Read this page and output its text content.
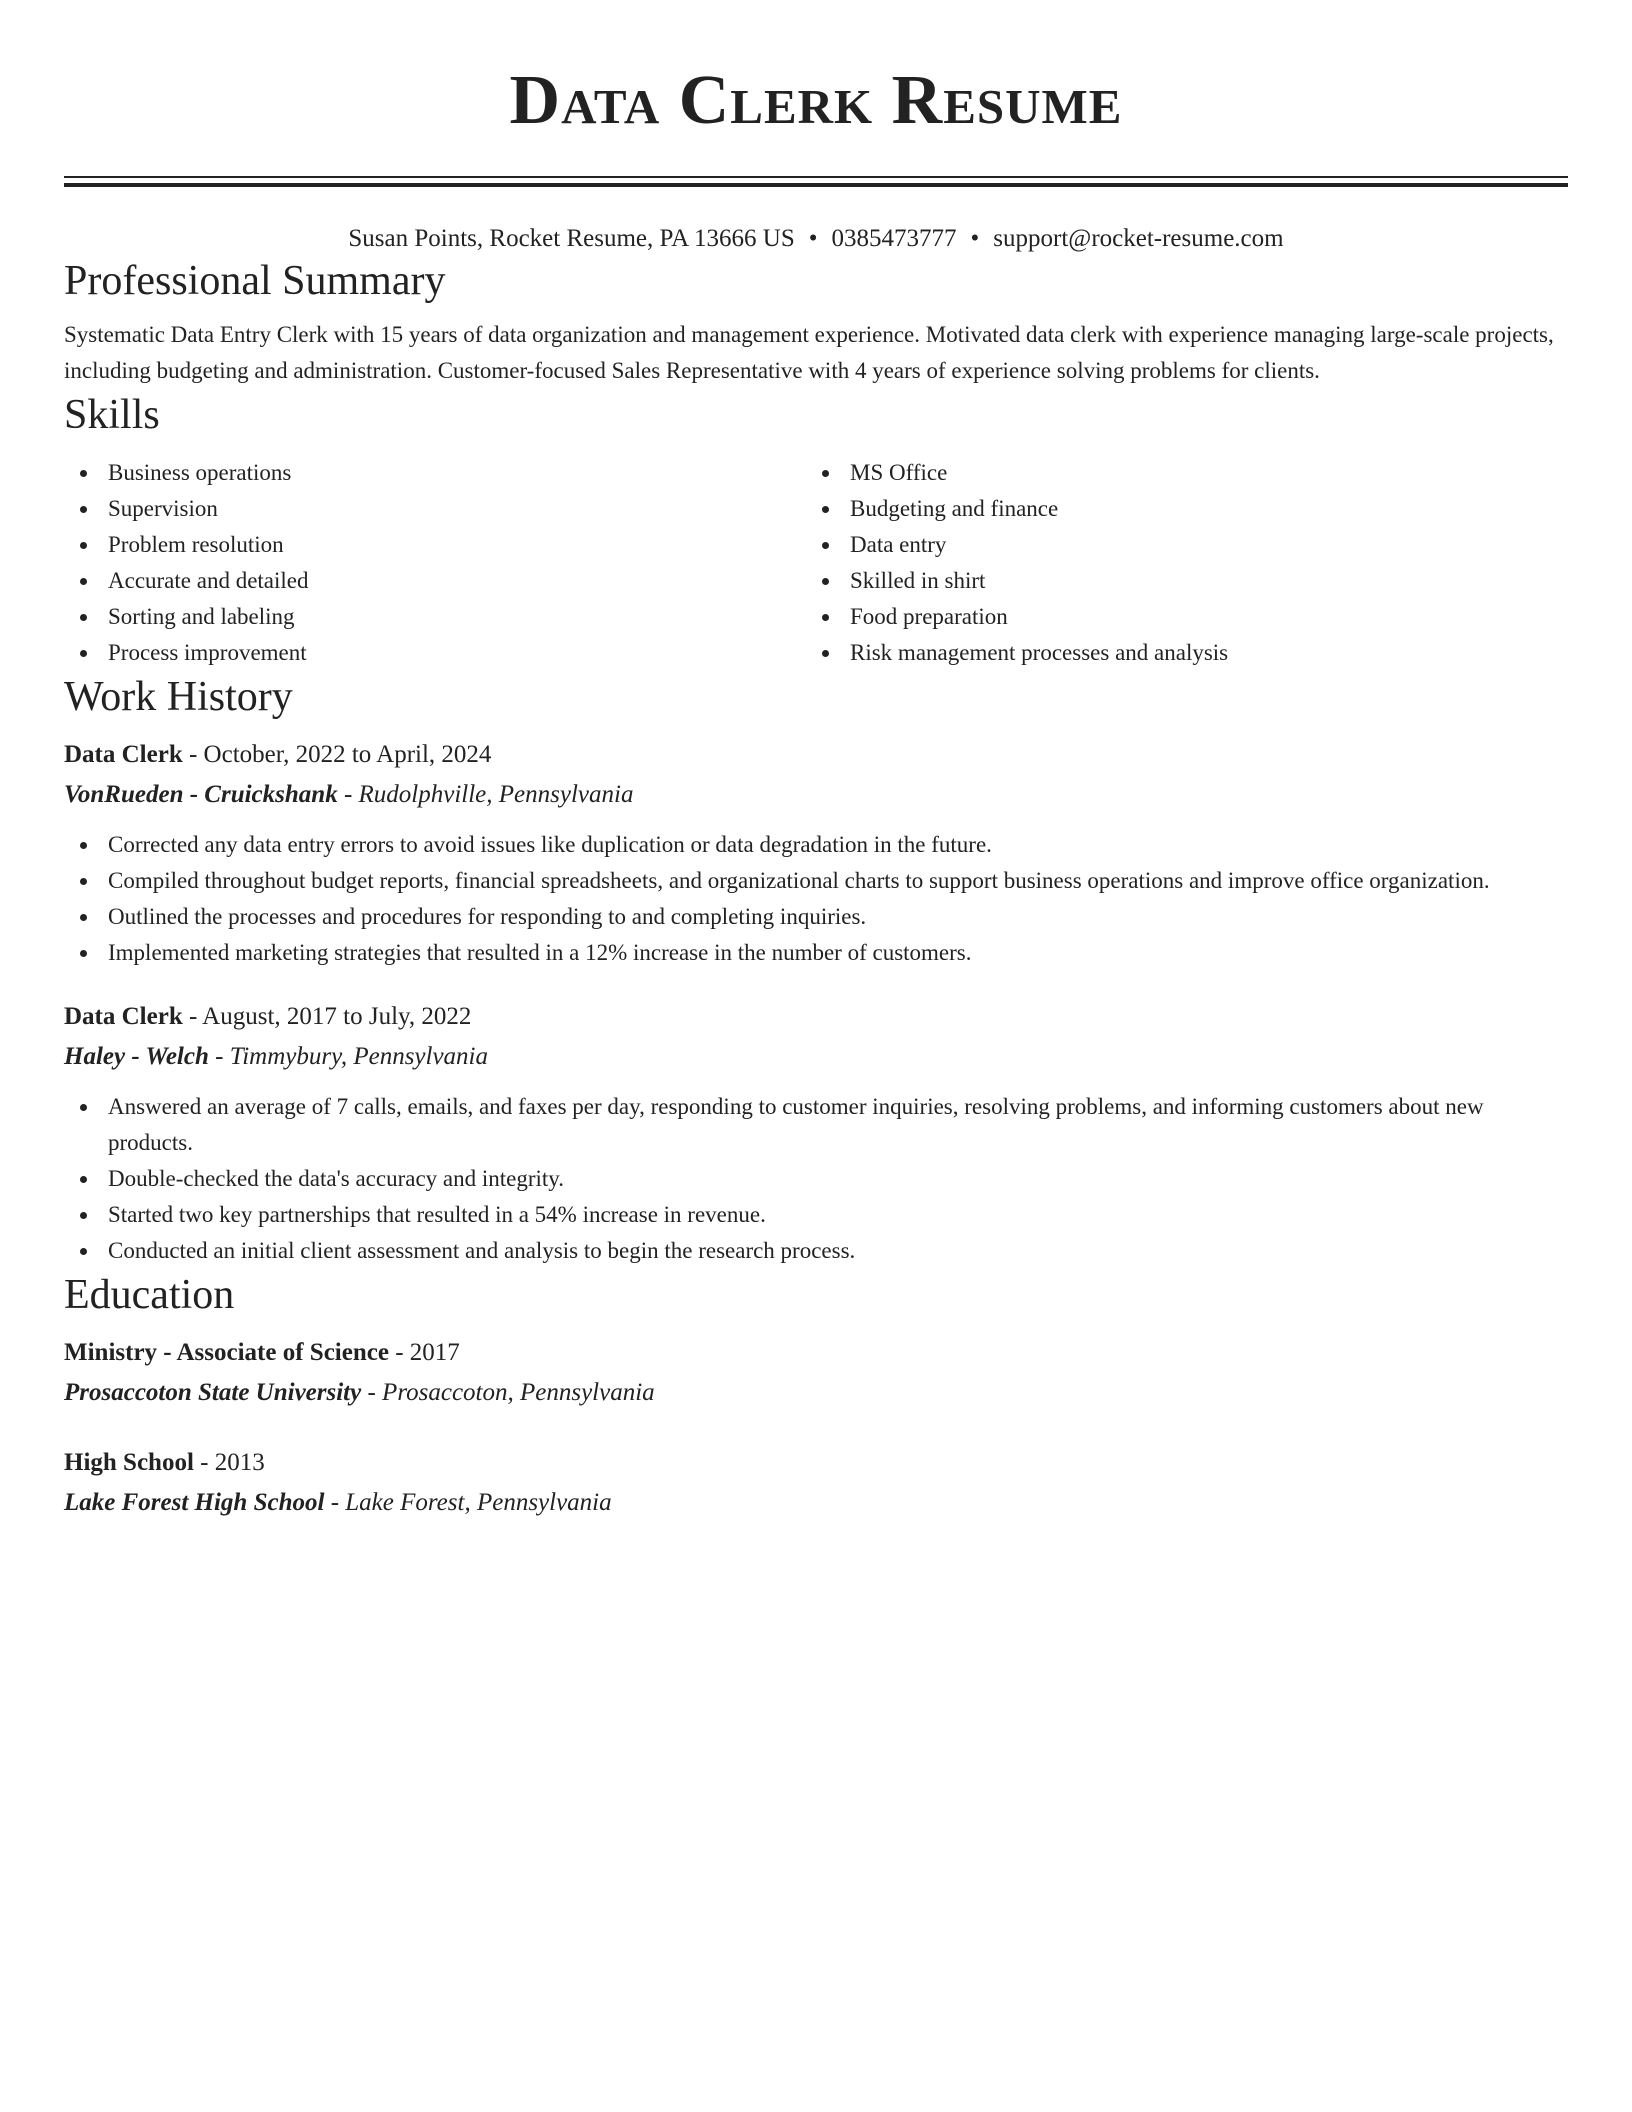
Data Clerk Resume
Susan Points, Rocket Resume, PA 13666 US • 0385473777 • support@rocket-resume.com
Professional Summary

Systematic Data Entry Clerk with 15 years of data organization and management experience. Motivated data clerk with experience managing large-scale projects, including budgeting and administration. Customer-focused Sales Representative with 4 years of experience solving problems for clients.

Skills
Business operations
Supervision
Problem resolution
Accurate and detailed
Sorting and labeling
Process improvement
MS Office
Budgeting and finance
Data entry
Skilled in shirt
Food preparation
Risk management processes and analysis
Work History
Data Clerk - October, 2022 to April, 2024
VonRueden - Cruickshank - Rudolphville, Pennsylvania
Corrected any data entry errors to avoid issues like duplication or data degradation in the future.
Compiled throughout budget reports, financial spreadsheets, and organizational charts to support business operations and improve office organization.
Outlined the processes and procedures for responding to and completing inquiries.
Implemented marketing strategies that resulted in a 12% increase in the number of customers.
Data Clerk - August, 2017 to July, 2022
Haley - Welch - Timmybury, Pennsylvania
Answered an average of 7 calls, emails, and faxes per day, responding to customer inquiries, resolving problems, and informing customers about new products.
Double-checked the data's accuracy and integrity.
Started two key partnerships that resulted in a 54% increase in revenue.
Conducted an initial client assessment and analysis to begin the research process.
Education
Ministry - Associate of Science - 2017
Prosaccoton State University - Prosaccoton, Pennsylvania
High School - 2013
Lake Forest High School - Lake Forest, Pennsylvania
